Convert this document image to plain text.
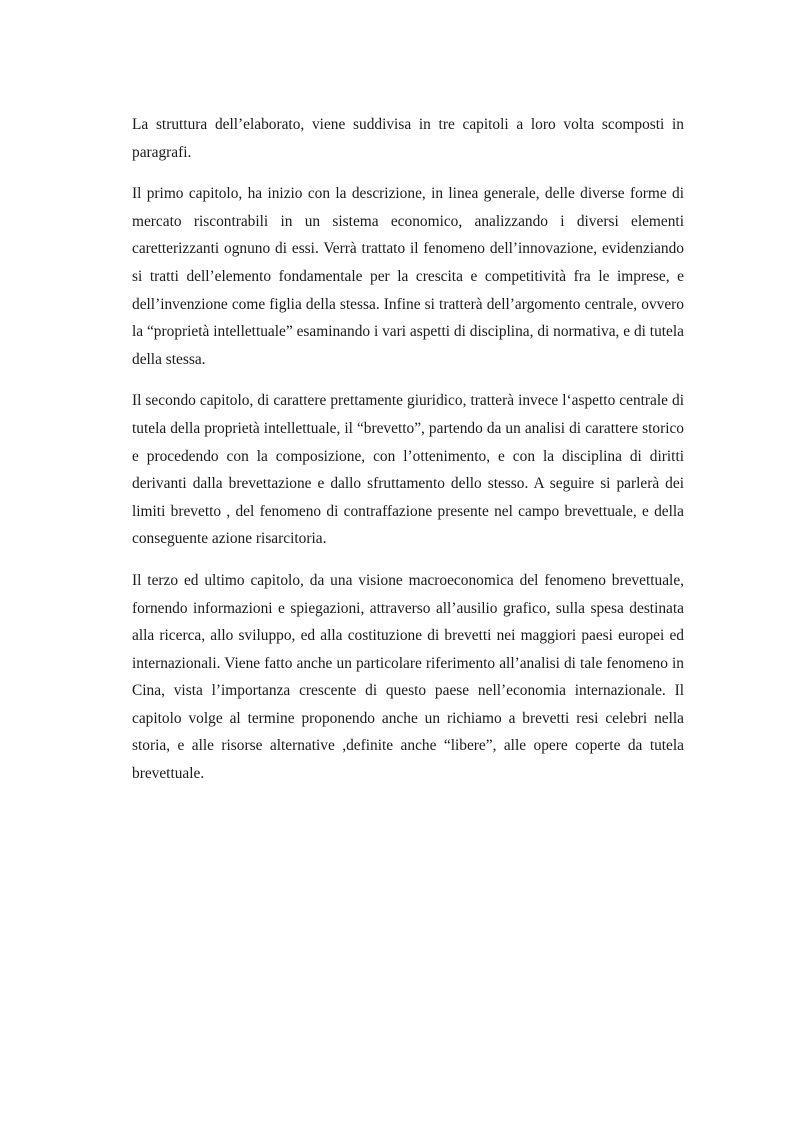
La struttura dell’elaborato, viene suddivisa in tre capitoli a loro volta scomposti in paragrafi.

Il primo capitolo, ha inizio con la descrizione, in linea generale, delle diverse forme di mercato riscontrabili in un sistema economico, analizzando i diversi elementi caretterizzanti ognuno di essi. Verrà trattato il fenomeno dell’innovazione, evidenziando si tratti dell’elemento fondamentale per la crescita e competitività fra le imprese, e dell’invenzione come figlia della stessa. Infine si tratterà dell’argomento centrale, ovvero la “proprietà intellettuale” esaminando i vari aspetti di disciplina, di normativa, e di tutela della stessa.

Il secondo capitolo, di carattere prettamente giuridico, tratterà invece l‘aspetto centrale di tutela della proprietà intellettuale, il “brevetto”, partendo da un analisi di carattere storico e procedendo con la composizione, con l’ottenimento, e con la disciplina di diritti derivanti dalla brevettazione e dallo sfruttamento dello stesso. A seguire si parlerà dei limiti brevetto , del fenomeno di contraffazione presente nel campo brevettuale, e della conseguente azione risarcitoria.

Il terzo ed ultimo capitolo, da una visione macroeconomica del fenomeno brevettuale, fornendo informazioni e spiegazioni, attraverso all’ausilio grafico, sulla spesa destinata alla ricerca, allo sviluppo, ed alla costituzione di brevetti nei maggiori paesi europei ed internazionali. Viene fatto anche un particolare riferimento all’analisi di tale fenomeno in Cina, vista l’importanza crescente di questo paese nell’economia internazionale. Il capitolo volge al termine proponendo anche un richiamo a brevetti resi celebri nella storia, e alle risorse alternative ,definite anche “libere”, alle opere coperte da tutela brevettuale.
